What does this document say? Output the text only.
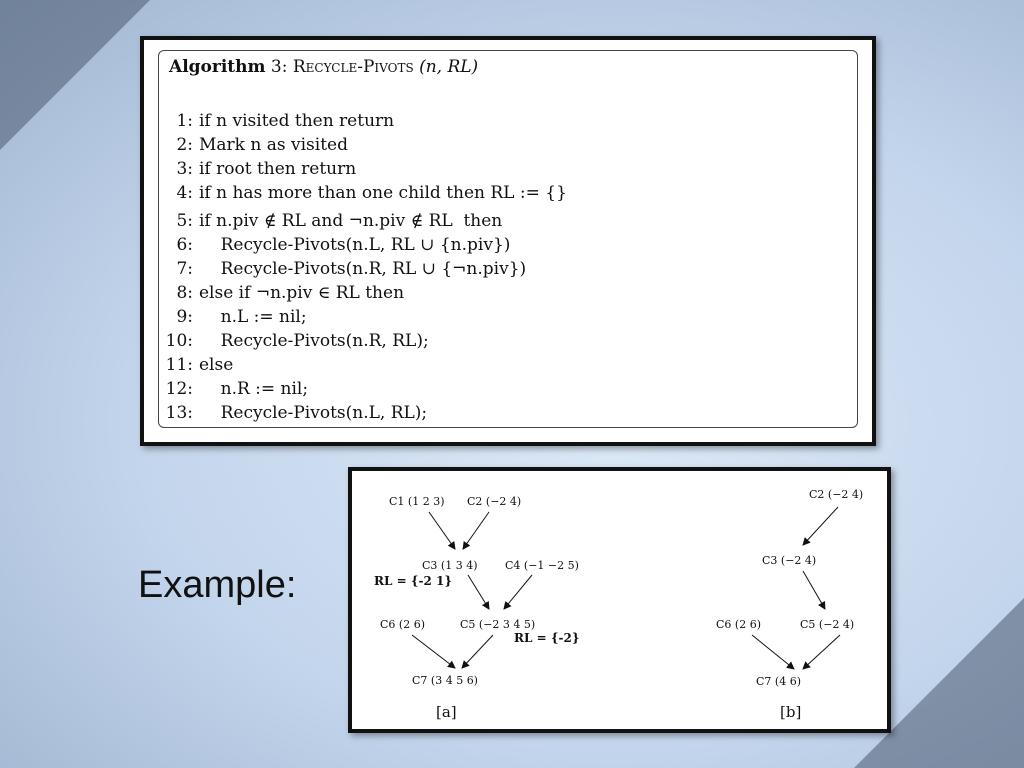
Algorithm 3: Recycle-Pivots (n, RL)
1: if n visited then return
2: Mark n as visited
3: if root then return
4: if n has more than one child then RL := {}
5: if n.piv ∉ RL and ¬n.piv ∉ RL  then
6:    Recycle-Pivots(n.L, RL ∪ {n.piv})
7:    Recycle-Pivots(n.R, RL ∪ {¬n.piv})
8: else if ¬n.piv ∈ RL then
9:    n.L := nil;
10:    Recycle-Pivots(n.R, RL);
11: else
12:    n.R := nil;
13:    Recycle-Pivots(n.L, RL);
Example:
C1 (1 2 3) C2 (−2 4)
C3 (1 3 4)	C4 (−1 −2 5)
RL = {-2 1}
C6 (2 6)	C5 (−2 3 4 5)
RL = {-2}
C7 (3 4 5 6)
[a]
C2 (−2 4)
C3 (−2 4)
C6 (2 6)	C5 (−2 4)
C7 (4 6)
[b]
